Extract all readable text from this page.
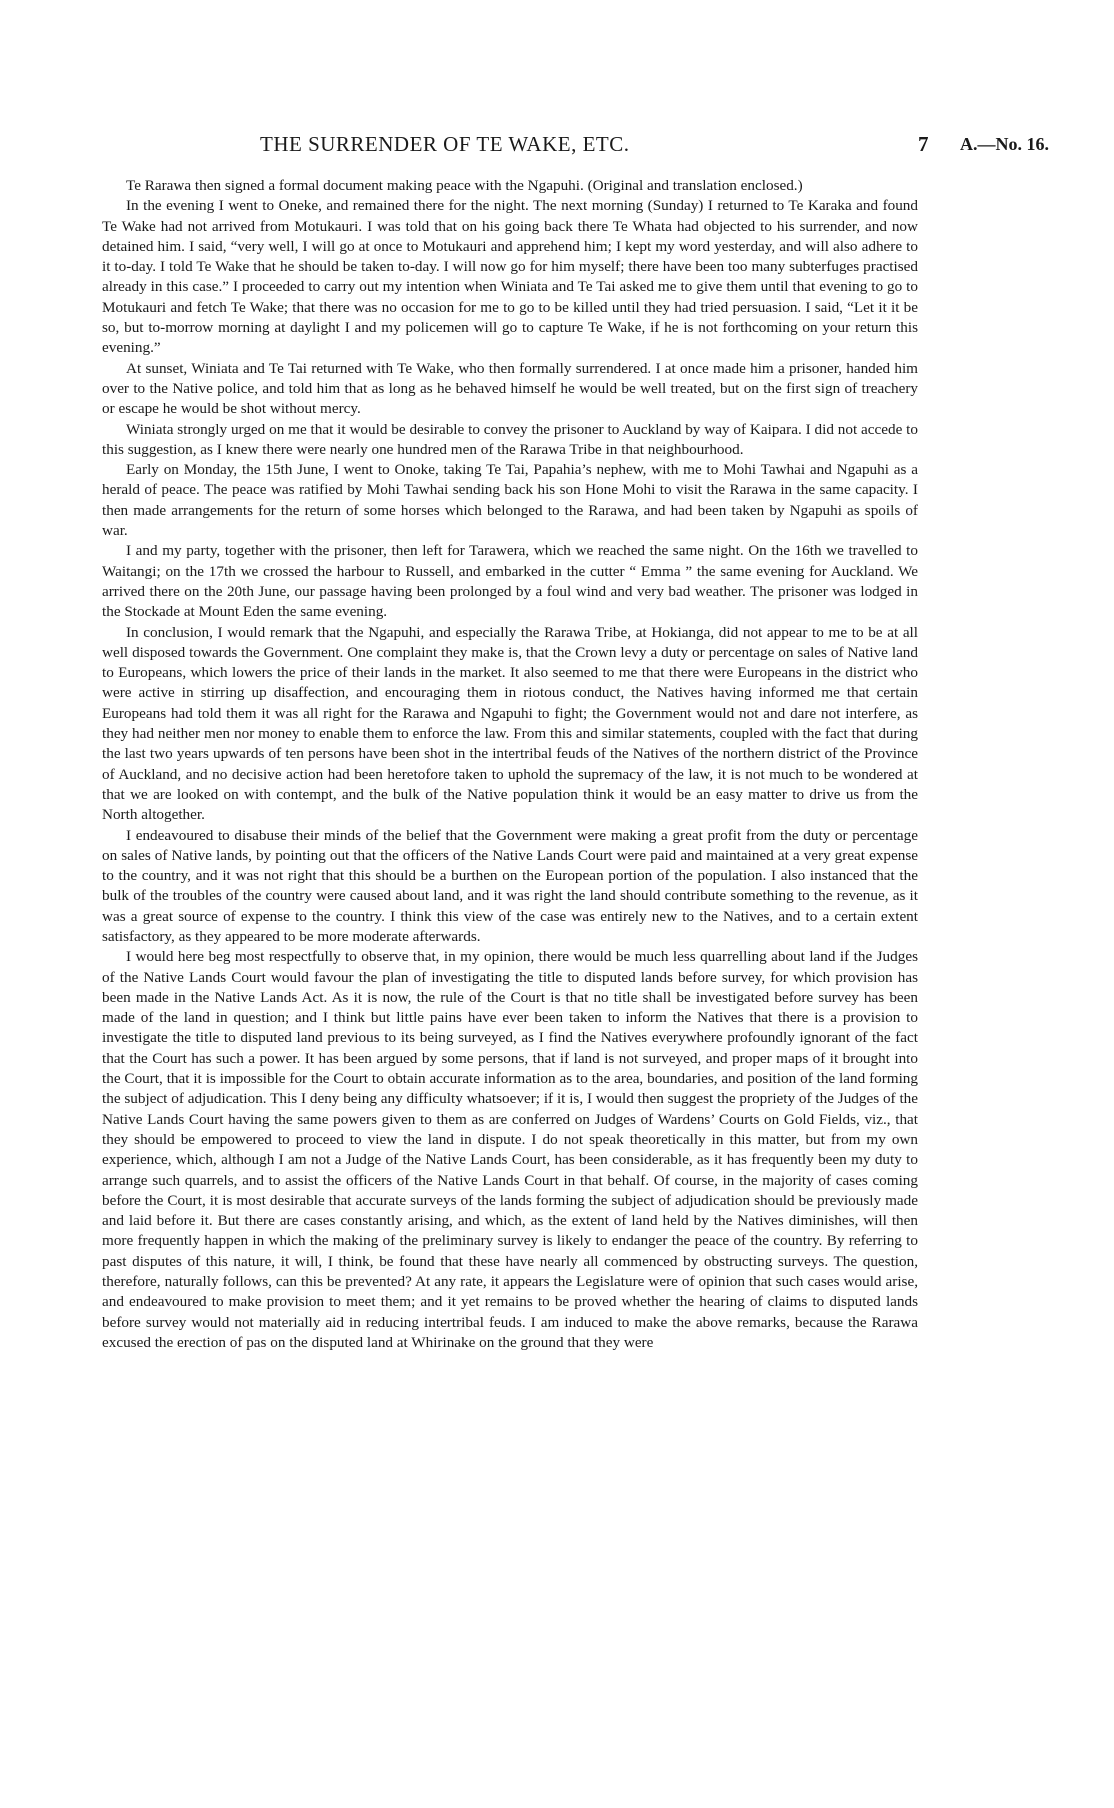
THE SURRENDER OF TE WAKE, ETC.	7 A.—No. 16.

Te Rarawa then signed a formal document making peace with the Ngapuhi. (Original and translation enclosed.)

In the evening I went to Oneke, and remained there for the night. The next morning (Sunday) I returned to Te Karaka and found Te Wake had not arrived from Motukauri. I was told that on his going back there Te Whata had objected to his surrender, and now detained him. I said, “very well, I will go at once to Motukauri and apprehend him; I kept my word yesterday, and will also adhere to it to-day. I told Te Wake that he should be taken to-day. I will now go for him myself; there have been too many subterfuges practised already in this case.” I proceeded to carry out my intention when Winiata and Te Tai asked me to give them until that evening to go to Motukauri and fetch Te Wake; that there was no occasion for me to go to be killed until they had tried persuasion. I said, “Let it it be so, but to-morrow morning at daylight I and my policemen will go to capture Te Wake, if he is not forthcoming on your return this evening.”

At sunset, Winiata and Te Tai returned with Te Wake, who then formally surrendered. I at once made him a prisoner, handed him over to the Native police, and told him that as long as he behaved himself he would be well treated, but on the first sign of treachery or escape he would be shot without mercy.

Winiata strongly urged on me that it would be desirable to convey the prisoner to Auckland by way of Kaipara. I did not accede to this suggestion, as I knew there were nearly one hundred men of the Rarawa Tribe in that neighbourhood.

Early on Monday, the 15th June, I went to Onoke, taking Te Tai, Papahia’s nephew, with me to Mohi Tawhai and Ngapuhi as a herald of peace. The peace was ratified by Mohi Tawhai sending back his son Hone Mohi to visit the Rarawa in the same capacity. I then made arrangements for the return of some horses which belonged to the Rarawa, and had been taken by Ngapuhi as spoils of war.

I and my party, together with the prisoner, then left for Tarawera, which we reached the same night. On the 16th we travelled to Waitangi; on the 17th we crossed the harbour to Russell, and embarked in the cutter “ Emma ” the same evening for Auckland. We arrived there on the 20th June, our passage having been prolonged by a foul wind and very bad weather. The prisoner was lodged in the Stockade at Mount Eden the same evening.

In conclusion, I would remark that the Ngapuhi, and especially the Rarawa Tribe, at Hokianga, did not appear to me to be at all well disposed towards the Government. One complaint they make is, that the Crown levy a duty or percentage on sales of Native land to Europeans, which lowers the price of their lands in the market. It also seemed to me that there were Europeans in the district who were active in stirring up disaffection, and encouraging them in riotous conduct, the Natives having informed me that certain Europeans had told them it was all right for the Rarawa and Ngapuhi to fight; the Government would not and dare not interfere, as they had neither men nor money to enable them to enforce the law. From this and similar statements, coupled with the fact that during the last two years upwards of ten persons have been shot in the intertribal feuds of the Natives of the northern district of the Province of Auckland, and no decisive action had been heretofore taken to uphold the supremacy of the law, it is not much to be wondered at that we are looked on with contempt, and the bulk of the Native population think it would be an easy matter to drive us from the North altogether.

I endeavoured to disabuse their minds of the belief that the Government were making a great profit from the duty or percentage on sales of Native lands, by pointing out that the officers of the Native Lands Court were paid and maintained at a very great expense to the country, and it was not right that this should be a burthen on the European portion of the population. I also instanced that the bulk of the troubles of the country were caused about land, and it was right the land should contribute something to the revenue, as it was a great source of expense to the country. I think this view of the case was entirely new to the Natives, and to a certain extent satisfactory, as they appeared to be more moderate afterwards.

I would here beg most respectfully to observe that, in my opinion, there would be much less quarrelling about land if the Judges of the Native Lands Court would favour the plan of investigating the title to disputed lands before survey, for which provision has been made in the Native Lands Act. As it is now, the rule of the Court is that no title shall be investigated before survey has been made of the land in question; and I think but little pains have ever been taken to inform the Natives that there is a provision to investigate the title to disputed land previous to its being surveyed, as I find the Natives everywhere profoundly ignorant of the fact that the Court has such a power. It has been argued by some persons, that if land is not surveyed, and proper maps of it brought into the Court, that it is impossible for the Court to obtain accurate information as to the area, boundaries, and position of the land forming the subject of adjudication. This I deny being any difficulty whatsoever; if it is, I would then suggest the propriety of the Judges of the Native Lands Court having the same powers given to them as are conferred on Judges of Wardens’ Courts on Gold Fields, viz., that they should be empowered to proceed to view the land in dispute. I do not speak theoretically in this matter, but from my own experience, which, although I am not a Judge of the Native Lands Court, has been considerable, as it has frequently been my duty to arrange such quarrels, and to assist the officers of the Native Lands Court in that behalf. Of course, in the majority of cases coming before the Court, it is most desirable that accurate surveys of the lands forming the subject of adjudication should be previously made and laid before it. But there are cases constantly arising, and which, as the extent of land held by the Natives diminishes, will then more frequently happen in which the making of the preliminary survey is likely to endanger the peace of the country. By referring to past disputes of this nature, it will, I think, be found that these have nearly all commenced by obstructing surveys. The question, therefore, naturally follows, can this be prevented? At any rate, it appears the Legislature were of opinion that such cases would arise, and endeavoured to make provision to meet them; and it yet remains to be proved whether the hearing of claims to disputed lands before survey would not materially aid in reducing intertribal feuds. I am induced to make the above remarks, because the Rarawa excused the erection of pas on the disputed land at Whirinake on the ground that they were
